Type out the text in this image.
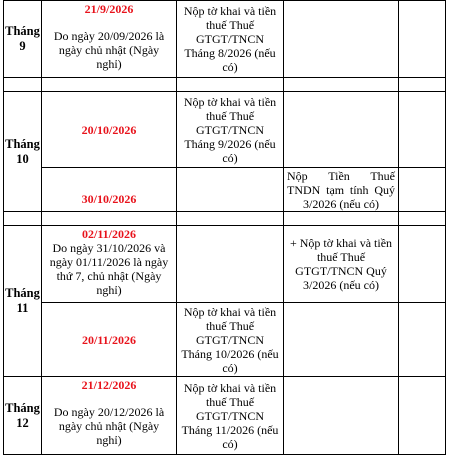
Tháng
9
21/9/2026
Do ngày 20/09/2026 là ngày chủ nhật (Ngày nghỉ)
Nộp tờ khai và tiền thuế Thuế GTGT/TNCN Tháng 8/2026 (nếu có)
Tháng
10
20/10/2026
Nộp tờ khai và tiền thuế Thuế GTGT/TNCN Tháng 9/2026 (nếu có)
30/10/2026
Nộp Tiền Thuế TNDN tạm tính Quý 3/2026 (nếu có)
Tháng
11
02/11/2026
Do ngày 31/10/2026 và ngày 01/11/2026 là ngày thứ 7, chủ nhật (Ngày nghỉ)
+ Nộp tờ khai và tiền thuế Thuế GTGT/TNCN Quý 3/2026 (nếu có)
20/11/2026
Nộp tờ khai và tiền thuế Thuế GTGT/TNCN Tháng 10/2026 (nếu có)
Tháng
12
21/12/2026
Do ngày 20/12/2026 là ngày chủ nhật (Ngày nghỉ)
Nộp tờ khai và tiền thuế Thuế GTGT/TNCN Tháng 11/2026 (nếu có)
